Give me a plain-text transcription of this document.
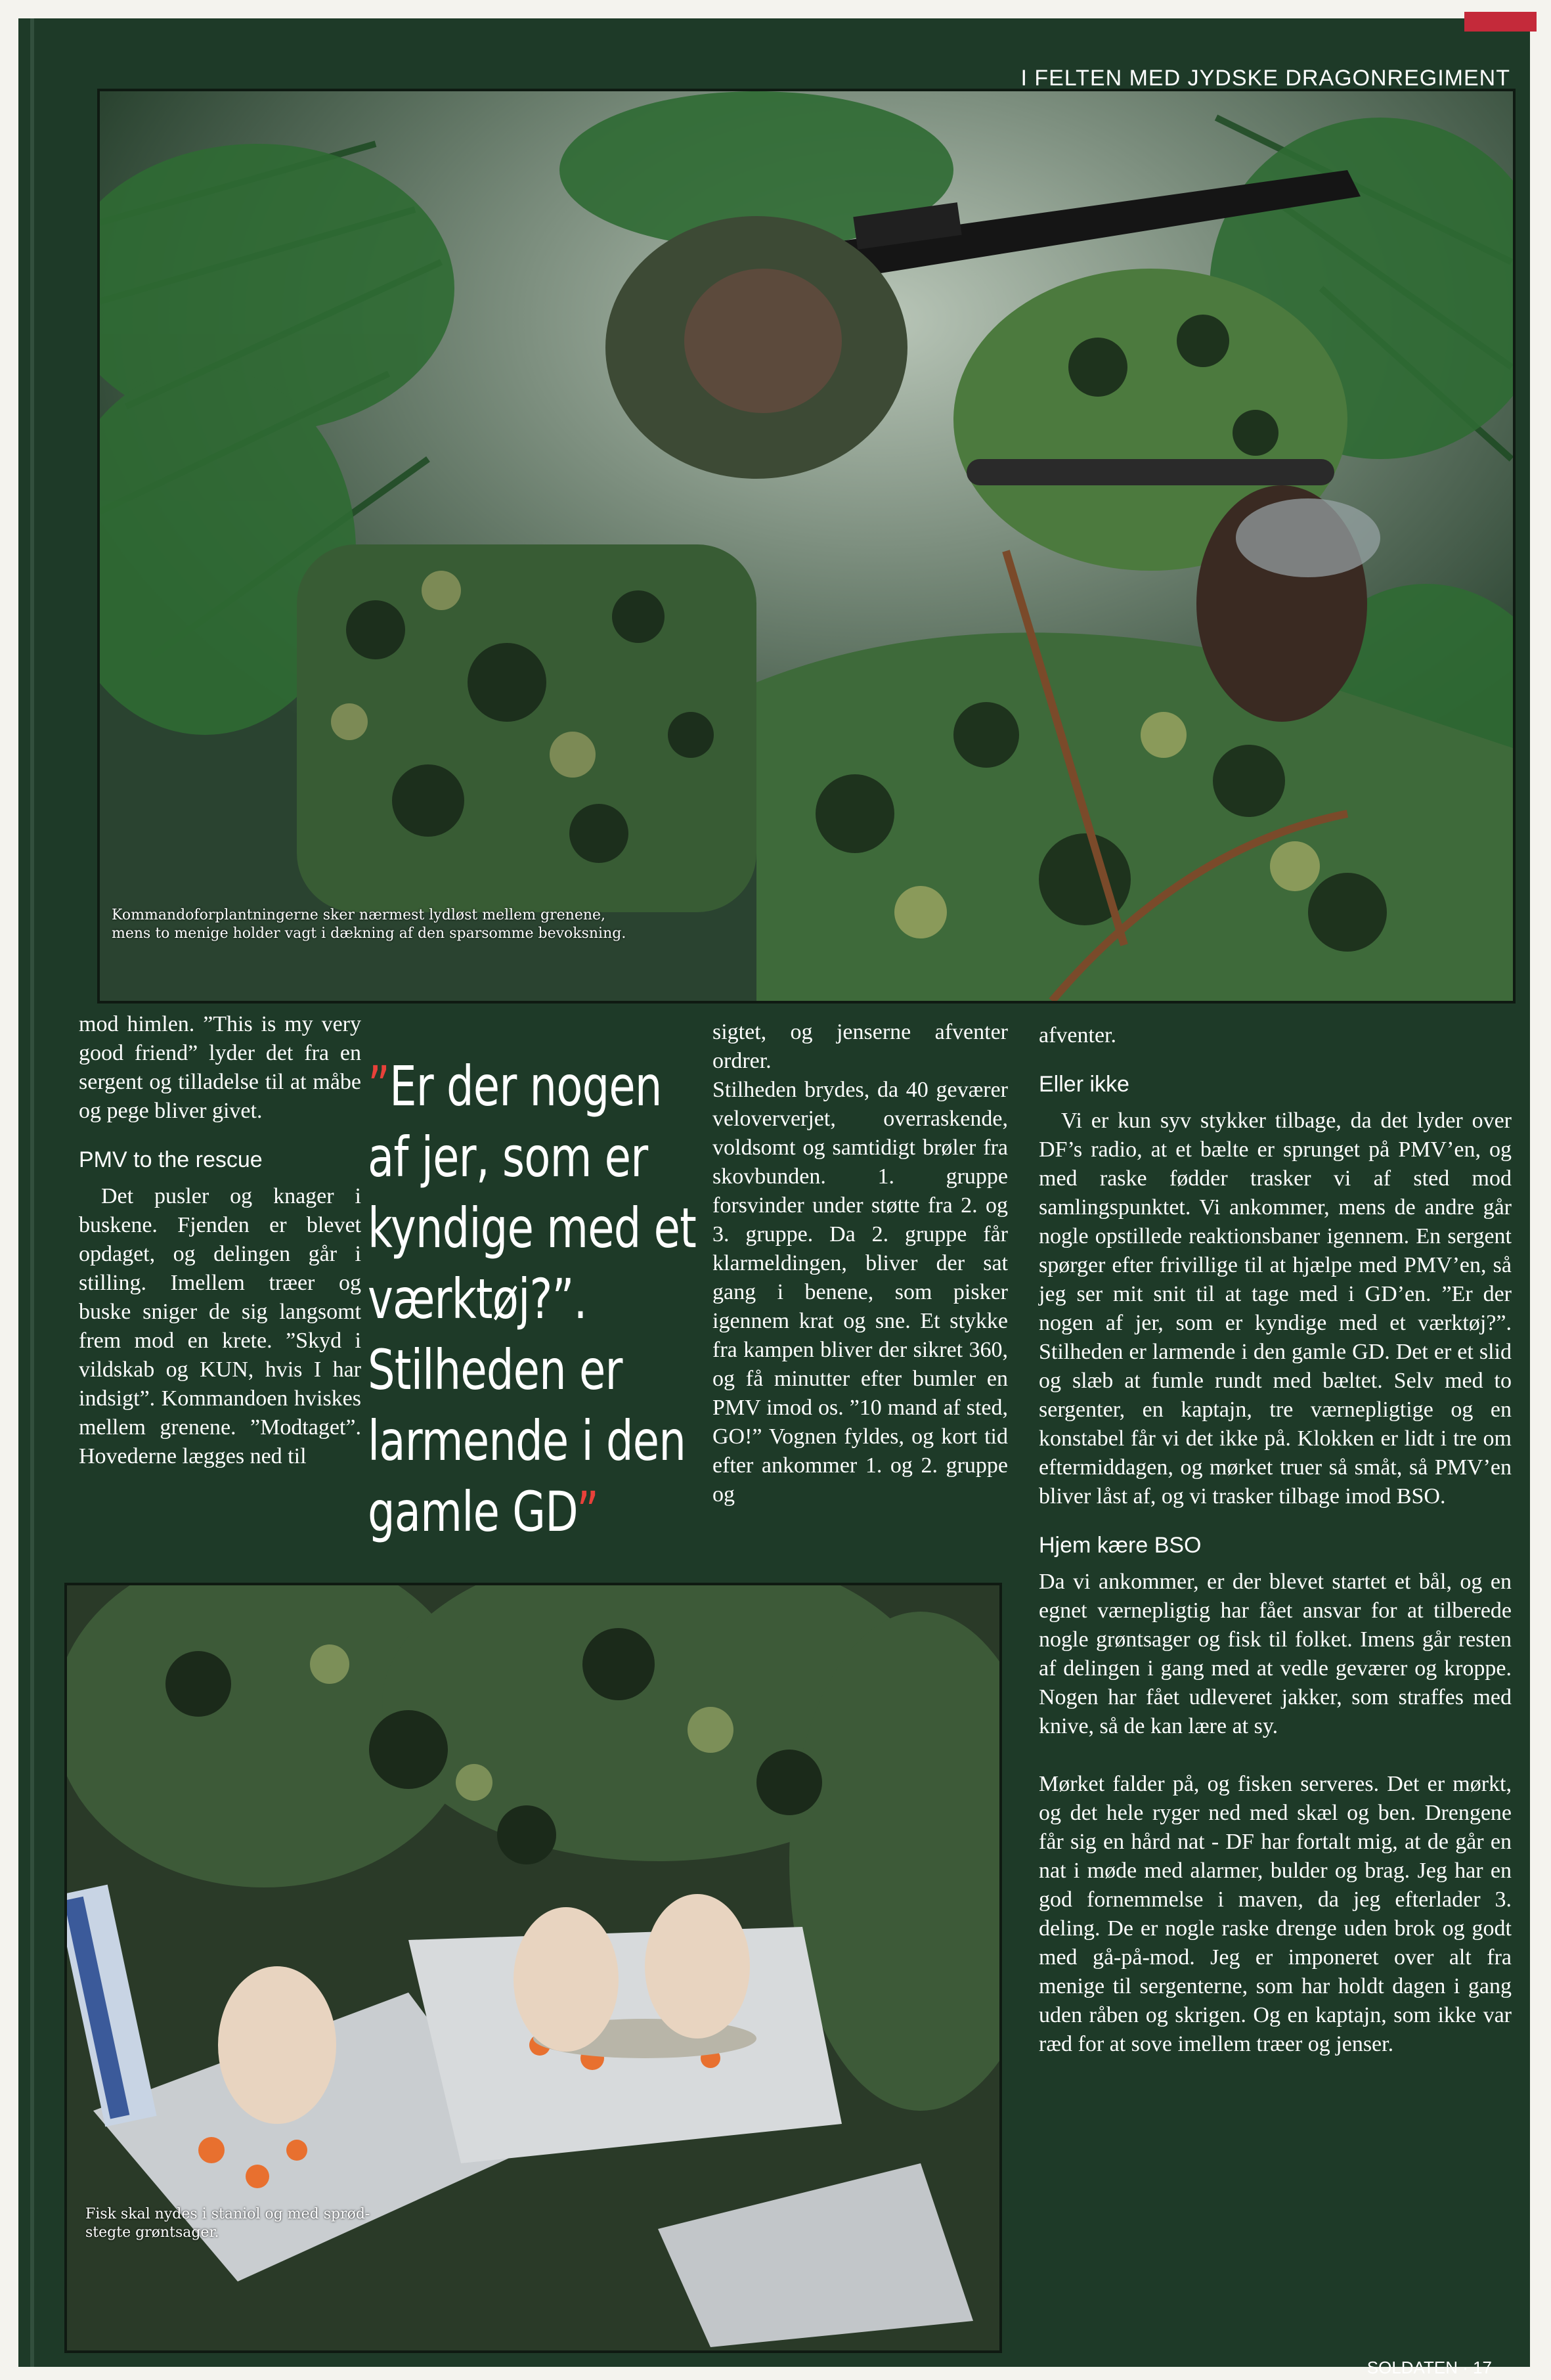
I FELTEN MED JYDSKE DRAGONREGIMENT
Kommandoforplantningerne sker nærmest lydløst mellem grenene,
mens to menige holder vagt i dækning af den sparsomme bevoksning.

mod himlen. ”This is my very good friend” lyder det fra en sergent og tilladelse til at måbe og pege bliver givet.

PMV to the rescue

Det pusler og knager i buskene. Fjenden er blevet opdaget, og delingen går i stilling. Imellem træer og buske sniger de sig langsomt frem mod en krete. ”Skyd i vildskab og KUN, hvis I har indsigt”. Kommandoen hviskes mellem grenene. ”Modtaget”. Hovederne lægges ned til

”Er der nogen af jer, som er kyndige med et værktøj?”. Stilheden er larmende i den gamle GD”

sigtet, og jenserne afventer ordrer.

Stilheden brydes, da 40 geværer veloververjet, overraskende, voldsomt og samtidigt brøler fra skovbunden. 1. gruppe forsvinder under støtte fra 2. og 3. gruppe. Da 2. gruppe får klarmeldingen, bliver der sat gang i benene, som pisker igennem krat og sne. Et stykke fra kampen bliver der sikret 360, og få minutter efter bumler en PMV imod os. ”10 mand af sted, GO!” Vognen fyldes, og kort tid efter ankommer 1. og 2. gruppe og

afventer.

Eller ikke

Vi er kun syv stykker tilbage, da det lyder over DF’s radio, at et bælte er sprunget på PMV’en, og med raske fødder trasker vi af sted mod samlingspunktet. Vi ankommer, mens de andre går nogle opstillede reaktionsbaner igennem. En sergent spørger efter frivillige til at hjælpe med PMV’en, så jeg ser mit snit til at tage med i GD’en. ”Er der nogen af jer, som er kyndige med et værktøj?”. Stilheden er larmende i den gamle GD. Det er et slid og slæb at fumle rundt med bæltet. Selv med to sergenter, en kaptajn, tre værnepligtige og en konstabel får vi det ikke på. Klokken er lidt i tre om eftermiddagen, og mørket truer så småt, så PMV’en bliver låst af, og vi trasker tilbage imod BSO.

Hjem kære BSO

Da vi ankommer, er der blevet startet et bål, og en egnet værnepligtig har fået ansvar for at tilberede nogle grøntsager og fisk til folket. Imens går resten af delingen i gang med at vedle geværer og kroppe. Nogen har fået udleveret jakker, som straffes med knive, så de kan lære at sy.

Mørket falder på, og fisken serveres. Det er mørkt, og det hele ryger ned med skæl og ben. Drengene får sig en hård nat - DF har fortalt mig, at de går en nat i møde med alarmer, bulder og brag. Jeg har en god fornemmelse i maven, da jeg efterlader 3. deling. De er nogle raske drenge uden brok og godt med gå-på-mod. Jeg er imponeret over alt fra menige til sergenterne, som har holdt dagen i gang uden råben og skrigen. Og en kaptajn, som ikke var ræd for at sove imellem træer og jenser.

Fisk skal nydes i staniol og med sprød-
stegte grøntsager.
SOLDATEN · 17
